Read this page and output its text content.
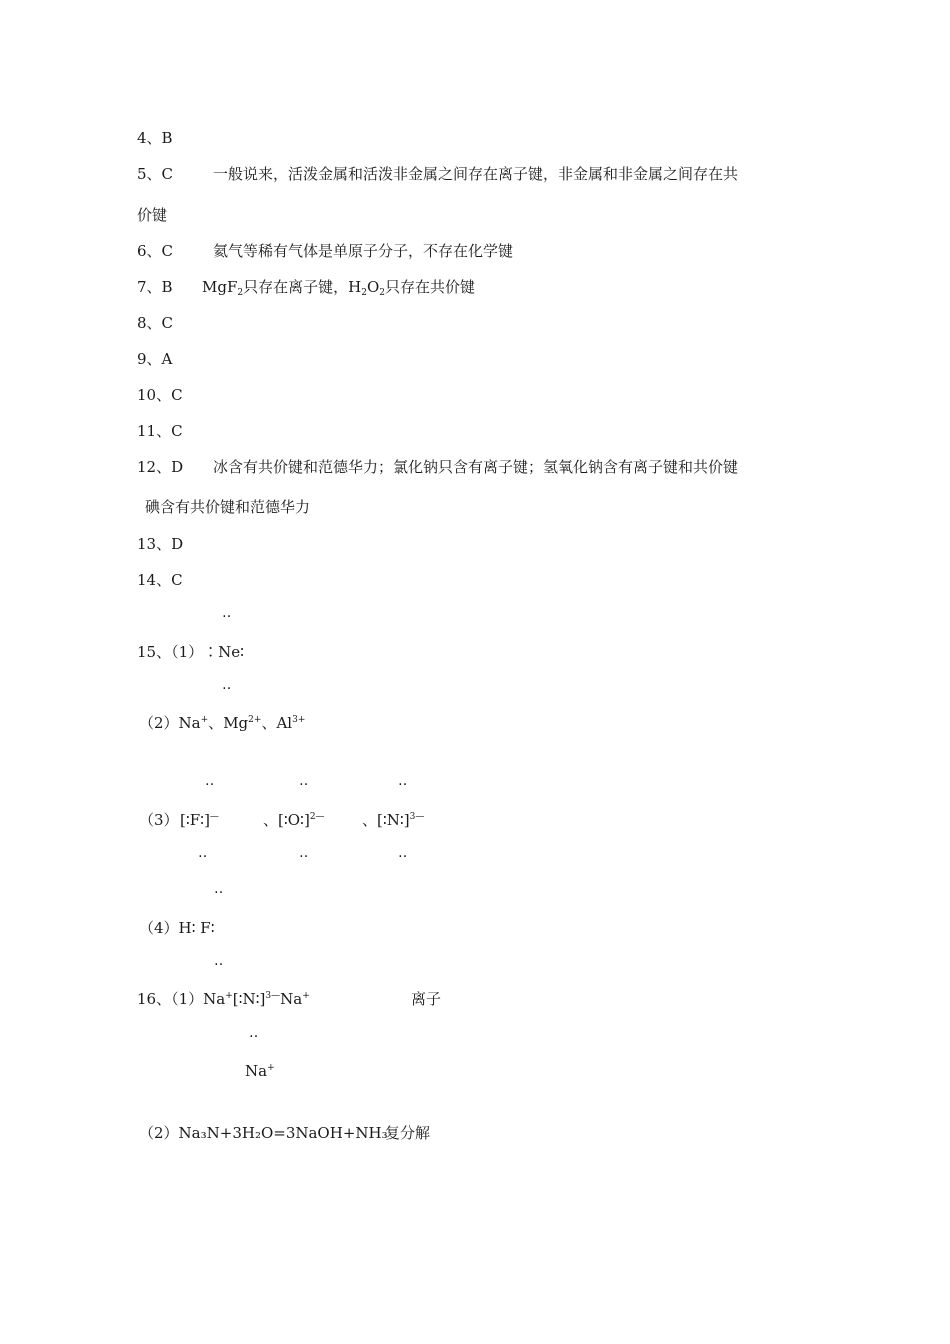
4、B
5、C	一般说来，活泼金属和活泼非金属之间存在离子键，非金属和非金属之间存在共
价键
6、C	氦气等稀有气体是单原子分子，不存在化学键
7、B MgF$_2$只存在离子键，$H_2O_2$只存在共价键
8、C
9、A
10、C
11、C
12、D 冰含有共价键和范德华力；氯化钠只含有离子键；氢氧化钠含有离子键和共价键
碘含有共价键和范德华力
13、D
14、C
‥
15、（1）∶Ne∶
‥
（2）Na+、$Mg^{2+}$、$Al^{3+}$
‥	‥	‥
（3） [∶F∶]—	、 [∶O∶]$^{2—}$ 、 [∶N∶]$^{3—}$
‥	‥	‥
‥
（4）H∶ F∶
‥
16、（1）Na+[∶N∶]$^{3—}$Na+	离子
‥
Na+
（2）Na₃N+3H₂O=3NaOH+NH₃
复分解
